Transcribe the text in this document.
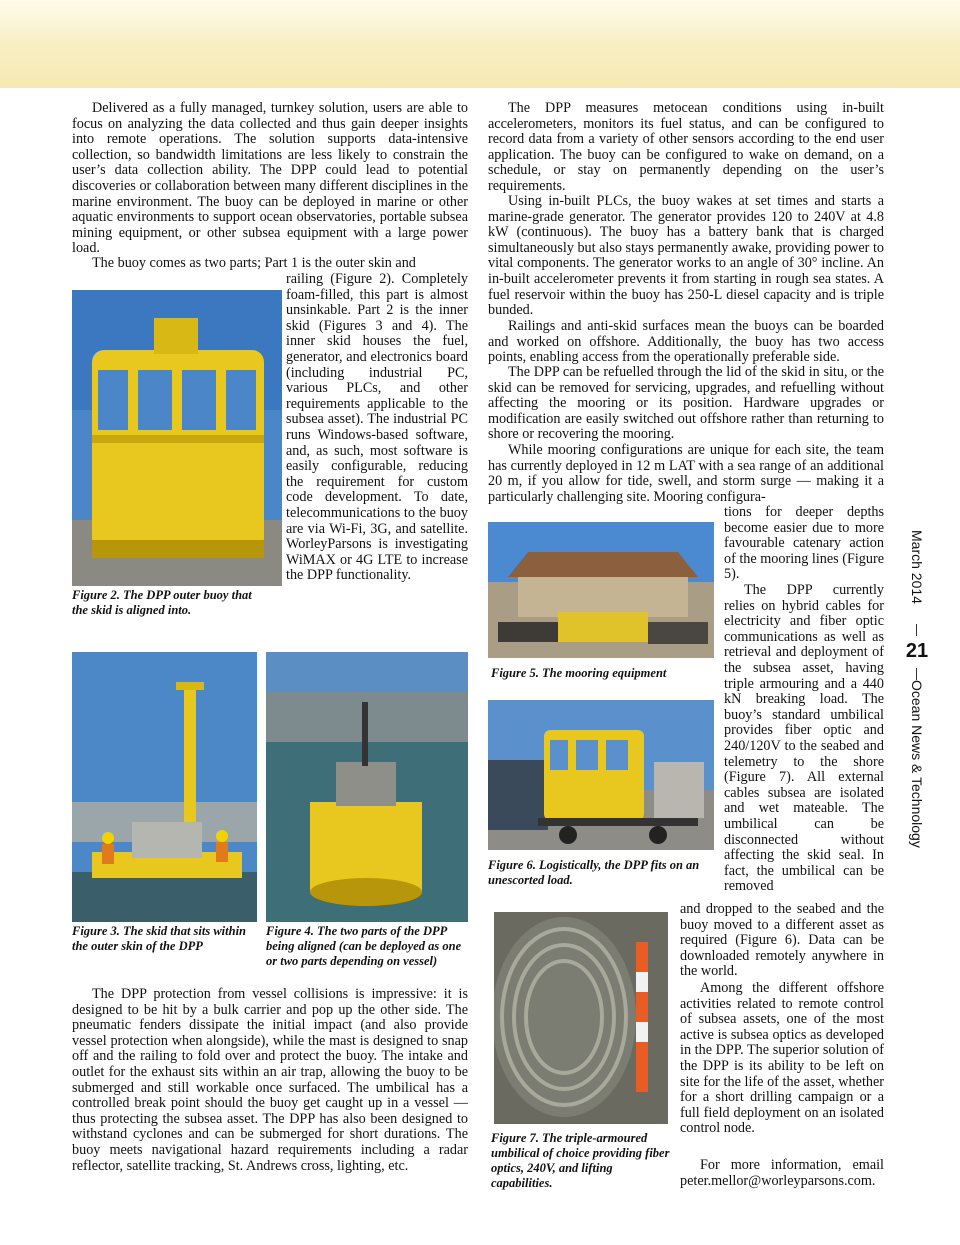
Delivered as a fully managed, turnkey solution, users are able to focus on analyzing the data collected and thus gain deeper insights into remote operations. The solution supports data-intensive collection, so bandwidth limitations are less likely to constrain the user’s data collection ability. The DPP could lead to potential discoveries or collaboration between many different disciplines in the marine environment. The buoy can be deployed in marine or other aquatic environments to support ocean observatories, portable subsea mining equipment, or other subsea equipment with a large power load.

The buoy comes as two parts; Part 1 is the outer skin and

railing (Figure 2). Completely foam-filled, this part is almost unsinkable. Part 2 is the inner skid (Figures 3 and 4). The inner skid houses the fuel, generator, and electronics board (including industrial PC, various PLCs, and other requirements applicable to the subsea asset). The industrial PC runs Windows-based software, and, as such, most software is easily configurable, reducing the requirement for custom code development. To date, telecommunications to the buoy are via Wi-Fi, 3G, and satellite. WorleyParsons is investigating WiMAX or 4G LTE to increase the DPP functionality.

Figure 2. The DPP outer buoy that the skid is aligned into.

Figure 3. The skid that sits within the outer skin of the DPP

Figure 4. The two parts of the DPP being aligned (can be deployed as one or two parts depending on vessel)

The DPP protection from vessel collisions is impressive: it is designed to be hit by a bulk carrier and pop up the other side. The pneumatic fenders dissipate the initial impact (and also provide vessel protection when alongside), while the mast is designed to snap off and the railing to fold over and protect the buoy. The intake and outlet for the exhaust sits within an air trap, allowing the buoy to be submerged and still workable once surfaced. The umbilical has a controlled break point should the buoy get caught up in a vessel — thus protecting the subsea asset. The DPP has also been designed to withstand cyclones and can be submerged for short durations. The buoy meets navigational hazard requirements including a radar reflector, satellite tracking, St. Andrews cross, lighting, etc.

The DPP measures metocean conditions using in-built accelerometers, monitors its fuel status, and can be configured to record data from a variety of other sensors according to the end user application. The buoy can be configured to wake on demand, on a schedule, or stay on permanently depending on the user’s requirements.

Using in-built PLCs, the buoy wakes at set times and starts a marine-grade generator. The generator provides 120 to 240V at 4.8 kW (continuous). The buoy has a battery bank that is charged simultaneously but also stays permanently awake, providing power to vital components. The generator works to an angle of 30° incline. An in-built accelerometer prevents it from starting in rough sea states. A fuel reservoir within the buoy has 250-L diesel capacity and is triple bunded.

Railings and anti-skid surfaces mean the buoys can be boarded and worked on offshore. Additionally, the buoy has two access points, enabling access from the operationally preferable side.

The DPP can be refuelled through the lid of the skid in situ, or the skid can be removed for servicing, upgrades, and refuelling without affecting the mooring or its position. Hardware upgrades or modification are easily switched out offshore rather than returning to shore or recovering the mooring.

While mooring configurations are unique for each site, the team has currently deployed in 12 m LAT with a sea range of an additional 20 m, if you allow for tide, swell, and storm surge — making it a particularly challenging site. Mooring configura-

tions for deeper depths become easier due to more favourable catenary action of the mooring lines (Figure 5).

The DPP currently relies on hybrid cables for electricity and fiber optic communications as well as retrieval and deployment of the subsea asset, having triple armouring and a 440 kN breaking load. The buoy’s standard umbilical provides fiber optic and 240/120V to the seabed and telemetry to the shore (Figure 7). All external cables subsea are isolated and wet mateable. The umbilical can be disconnected without affecting the skid seal. In fact, the umbilical can be removed

and dropped to the seabed and the buoy moved to a different asset as required (Figure 6). Data can be downloaded remotely anywhere in the world.

Among the different offshore activities related to remote control of subsea assets, one of the most active is subsea optics as developed in the DPP. The superior solution of the DPP is its ability to be left on site for the life of the asset, whether for a short drilling campaign or a full field deployment on an isolated control node.

For more information, email peter.mellor@worleyparsons.com.

Figure 5. The mooring equipment

Figure 6. Logistically, the DPP fits on an unescorted load.

Figure 7. The triple-armoured umbilical of choice providing fiber optics, 240V, and lifting capabilities.

March 2014
21
Ocean News & Technology
